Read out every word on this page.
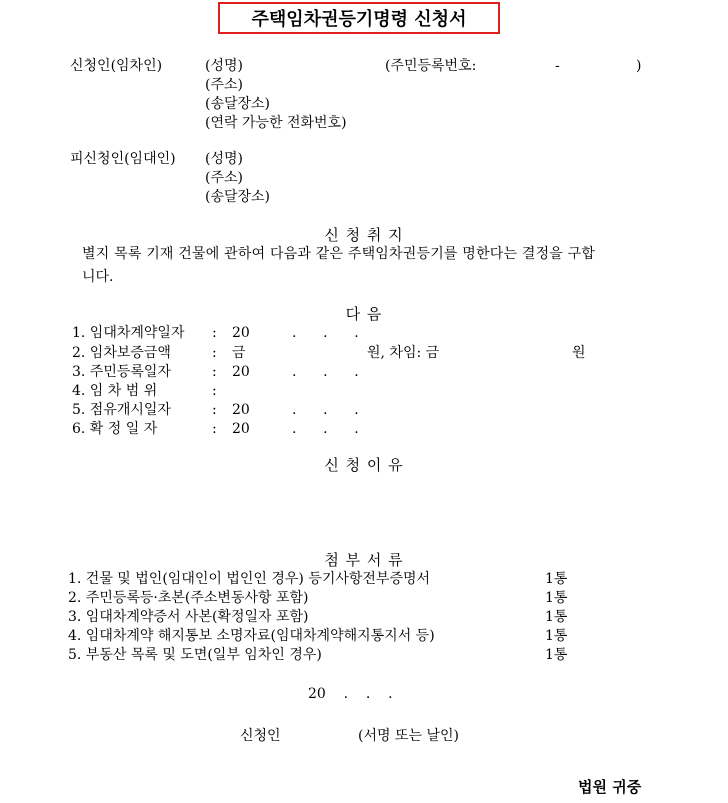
주택임차권등기명령 신청서
신청인(임차인)	(성명)	(주민등록번호:	-	)
(주소)
(송달장소)
(연락 가능한 전화번호)
피신청인(임대인) (성명)
(주소)
(송달장소)
신 청 취 지
별지 목록 기재 건물에 관하여 다음과 같은 주택임차권등기를 명한다는 결정을 구합
니다.
다 음
1. 임대차계약일자 : 20	.      .      .
2. 임차보증금액	: 금	원, 차임: 금	원
3. 주민등록일자	: 20	.      .      .
4. 임 차 범 위	:
5. 점유개시일자	: 20	.      .      .
6. 확 정 일 자	: 20	.      .      .
신 청 이 유
첨 부 서 류
1. 건물 및 법인(임대인이 법인인 경우) 등기사항전부증명서	1통
2. 주민등록등·초본(주소변동사항 포함)	1통
3. 임대차계약증서 사본(확정일자 포함)	1통
4. 임대차계약 해지통보 소명자료(임대차계약해지통지서 등)	1통
5. 부동산 목록 및 도면(일부 임차인 경우)	1통
20    .    .    .
신청인	(서명 또는 날인)
법원 귀중
